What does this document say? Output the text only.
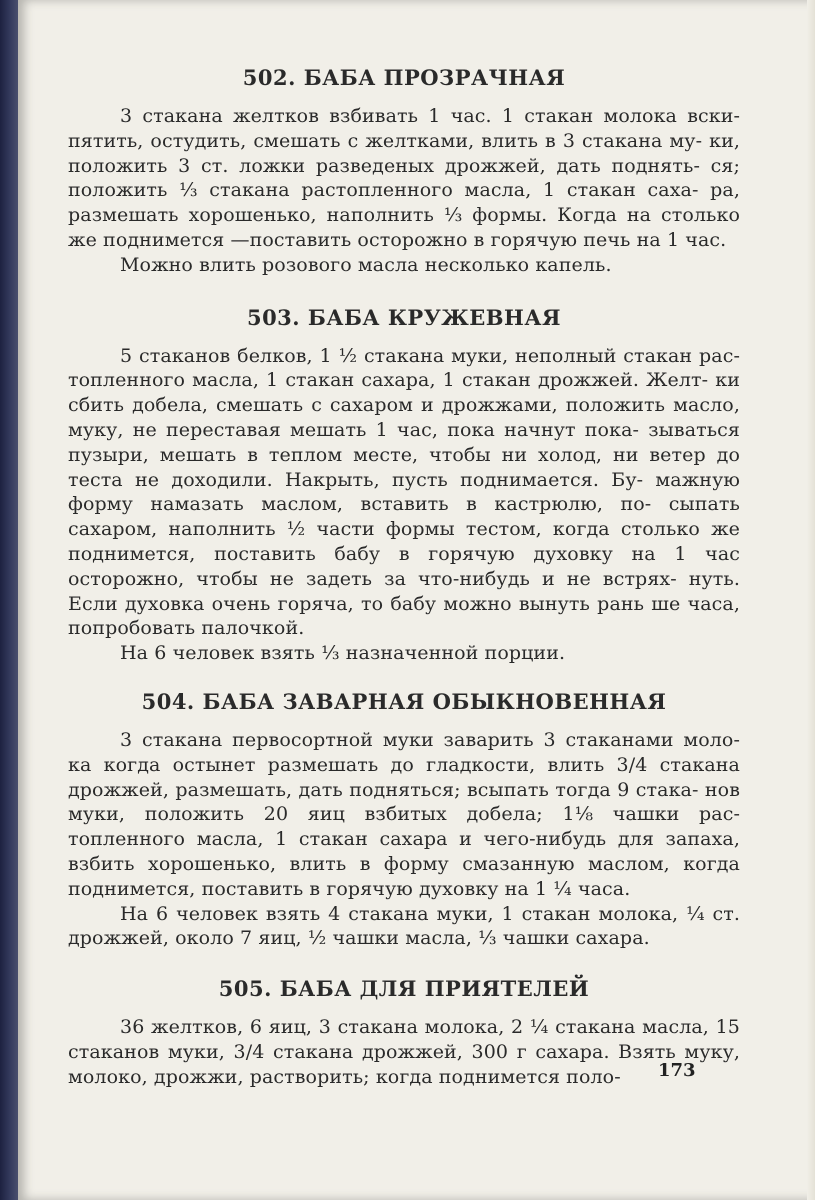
502. БАБА ПРОЗРАЧНАЯ

3 стакана желтков взбивать 1 час. 1 стакан молока вски- пятить, остудить, смешать с желтками, влить в 3 стакана му- ки, положить 3 ст. ложки разведеных дрожжей, дать поднять- ся; положить ⅓ стакана растопленного масла, 1 стакан саха- ра, размешать хорошенько, наполнить ⅓ формы. Когда на столько же поднимется —поставить осторожно в горячую печь на 1 час.

Можно влить розового масла несколько капель.

503. БАБА КРУЖЕВНАЯ

5 стаканов белков, 1 ½ стакана муки, неполный стакан рас- топленного масла, 1 стакан сахара, 1 стакан дрожжей. Желт- ки сбить добела, смешать с сахаром и дрожжами, положить масло, муку, не переставая мешать 1 час, пока начнут пока- зываться пузыри, мешать в теплом месте, чтобы ни холод, ни ветер до теста не доходили. Накрыть, пусть поднимается. Бу- мажную форму намазать маслом, вставить в кастрюлю, по- сыпать сахаром, наполнить ½ части формы тестом, когда столько же поднимется, поставить бабу в горячую духовку на 1 час осторожно, чтобы не задеть за что-нибудь и не встрях- нуть. Если духовка очень горяча, то бабу можно вынуть рань ше часа, попробовать палочкой.

На 6 человек взять ⅓ назначенной порции.

504. БАБА ЗАВАРНАЯ ОБЫКНОВЕННАЯ

3 стакана первосортной муки заварить 3 стаканами моло- ка когда остынет размешать до гладкости, влить 3/4 стакана дрожжей, размешать, дать подняться; всыпать тогда 9 стака- нов муки, положить 20 яиц взбитых добела; 1⅛ чашки рас- топленного масла, 1 стакан сахара и чего-нибудь для запаха, взбить хорошенько, влить в форму смазанную маслом, когда поднимется, поставить в горячую духовку на 1 ¼ часа.

На 6 человек взять 4 стакана муки, 1 стакан молока, ¼ ст. дрожжей, около 7 яиц, ½ чашки масла, ⅓ чашки сахара.

505. БАБА ДЛЯ ПРИЯТЕЛЕЙ

36 желтков, 6 яиц, 3 стакана молока, 2 ¼ стакана масла, 15 стаканов муки, 3/4 стакана дрожжей, 300 г сахара. Взять муку, молоко, дрожжи, растворить; когда поднимется поло-	173
